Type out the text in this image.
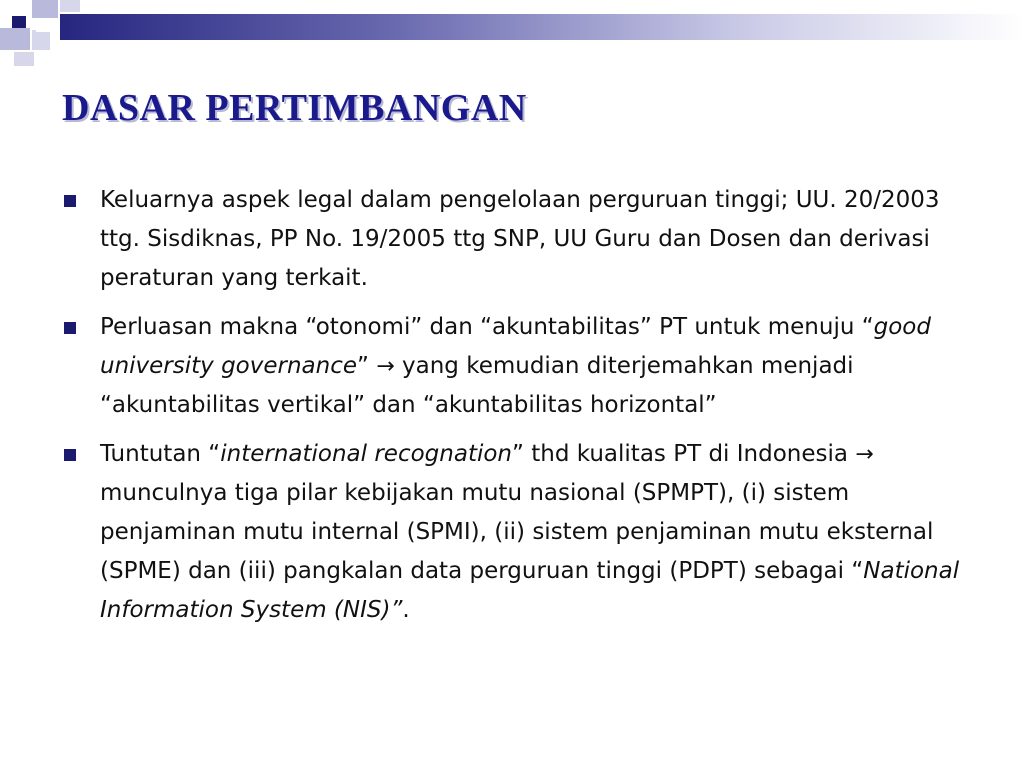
DASAR PERTIMBANGAN
Keluarnya aspek legal dalam pengelolaan perguruan tinggi; UU. 20/2003 ttg. Sisdiknas, PP No. 19/2005 ttg SNP, UU Guru dan Dosen dan derivasi peraturan yang terkait.
Perluasan makna “otonomi” dan “akuntabilitas” PT untuk menuju “good university governance” → yang kemudian diterjemahkan menjadi “akuntabilitas vertikal” dan “akuntabilitas horizontal”
Tuntutan “international recognation” thd kualitas PT di Indonesia → munculnya tiga pilar kebijakan mutu nasional (SPMPT), (i) sistem penjaminan mutu internal (SPMI), (ii) sistem penjaminan mutu eksternal (SPME) dan (iii) pangkalan data perguruan tinggi (PDPT) sebagai “National Information System (NIS)”.
